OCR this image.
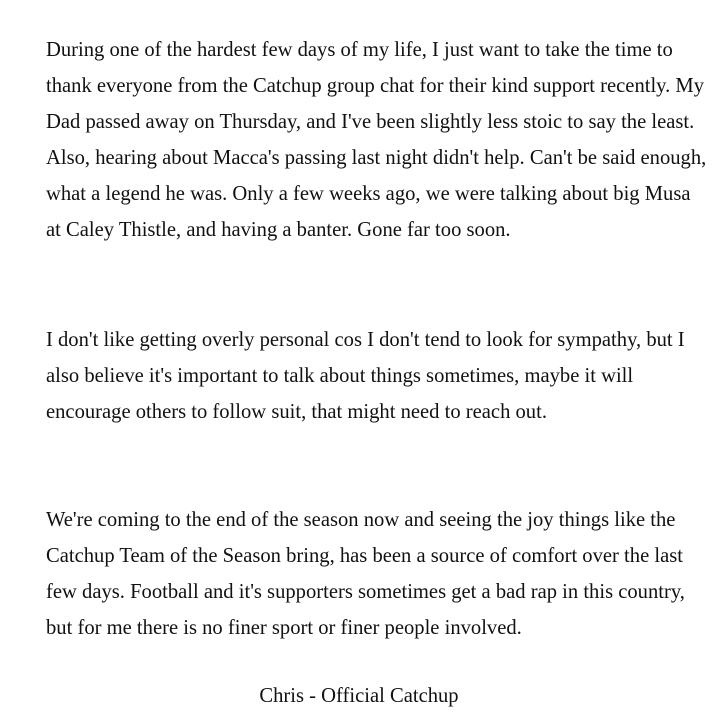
During one of the hardest few days of my life, I just want to take the time to thank everyone from the Catchup group chat for their kind support recently. My Dad passed away on Thursday, and I've been slightly less stoic to say the least. Also, hearing about Macca's passing last night didn't help. Can't be said enough, what a legend he was. Only a few weeks ago, we were talking about big Musa at Caley Thistle, and having a banter. Gone far too soon.

I don't like getting overly personal cos I don't tend to look for sympathy, but I also believe it's important to talk about things sometimes, maybe it will encourage others to follow suit, that might need to reach out.

We're coming to the end of the season now and seeing the joy things like the Catchup Team of the Season bring, has been a source of comfort over the last few days. Football and it's supporters sometimes get a bad rap in this country, but for me there is no finer sport or finer people involved.

Chris - Official Catchup
